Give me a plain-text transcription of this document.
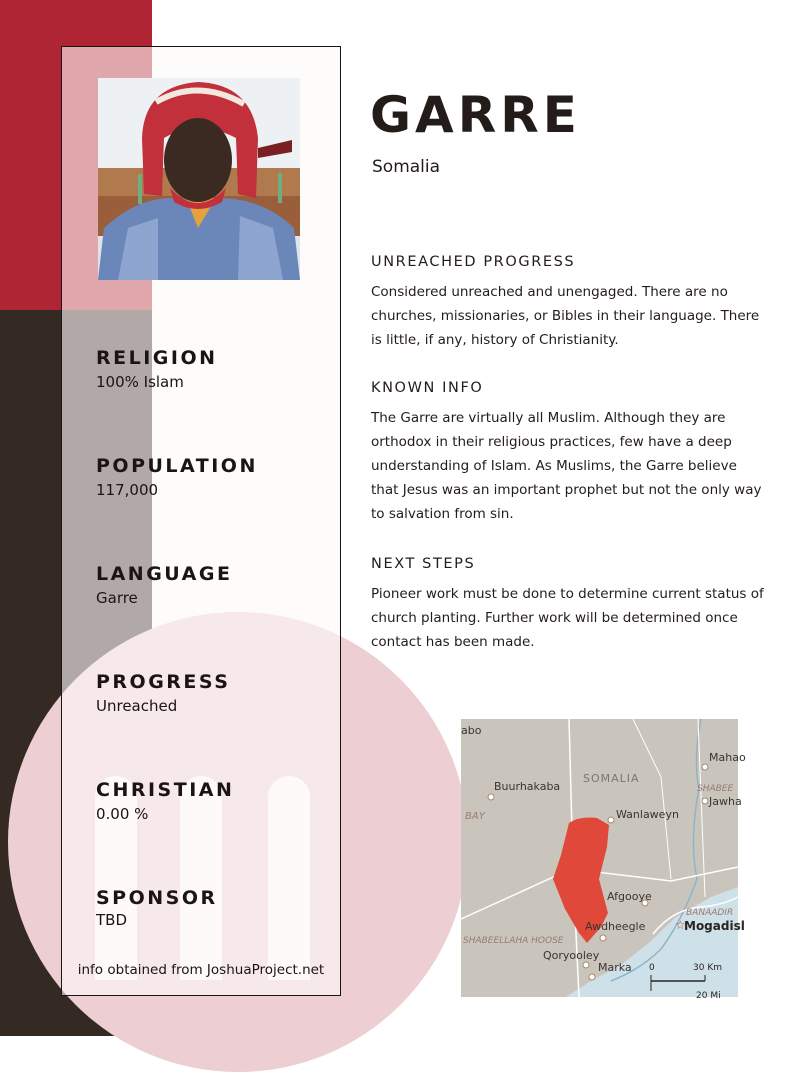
RELIGION
100% Islam
POPULATION
117,000
LANGUAGE
Garre
PROGRESS
Unreached
CHRISTIAN
0.00 %
SPONSOR
TBD
info obtained from JoshuaProject.net
GARRE
Somalia
UNREACHED PROGRESS
Considered unreached and unengaged. There are no churches, missionaries, or Bibles in their language. There is little, if any, history of Christianity.
KNOWN INFO
The Garre are virtually all Muslim. Although they are orthodox in their religious practices, few have a deep understanding of Islam. As Muslims, the Garre believe that Jesus was an important prophet but not the only way to salvation from sin.
NEXT STEPS
Pioneer work must be done to determine current status of church planting. Further work will be determined once contact has been made.
☆
abo
SOMALIA
Buurhakaba
Wanlaweyn
BAY
Mahao
SHABEE
Jawha
Afgooye
Awdheegle
BANAADIR
Mogadisl
SHABEELLAHA HOOSE
Qoryooley
Marka 0	30 Km
20 Mi
